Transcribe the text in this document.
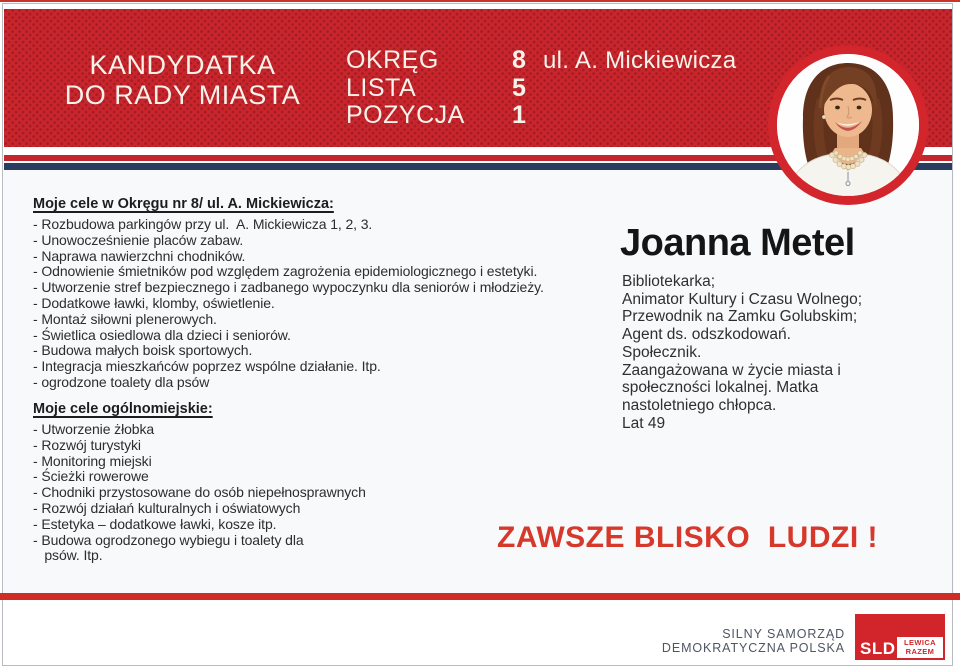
KANDYDATKA
DO RADY MIASTA
OKRĘG	8
LISTA	5
POZYCJA	1
ul. A. Mickiewicza
Moje cele w Okręgu nr 8/ ul. A. Mickiewicza:
- Rozbudowa parkingów przy ul.  A. Mickiewicza 1, 2, 3.
- Unowocześnienie placów zabaw.
- Naprawa nawierzchni chodników.
- Odnowienie śmietników pod względem zagrożenia epidemiologicznego i estetyki.
- Utworzenie stref bezpiecznego i zadbanego wypoczynku dla seniorów i młodzieży.
- Dodatkowe ławki, klomby, oświetlenie.
- Montaż siłowni plenerowych.
- Świetlica osiedlowa dla dzieci i seniorów.
- Budowa małych boisk sportowych.
- Integracja mieszkańców poprzez wspólne działanie. Itp.
- ogrodzone toalety dla psów
Moje cele ogólnomiejskie:
- Utworzenie żłobka
- Rozwój turystyki
- Monitoring miejski
- Ścieżki rowerowe
- Chodniki przystosowane do osób niepełnosprawnych
- Rozwój działań kulturalnych i oświatowych
- Estetyka – dodatkowe ławki, kosze itp.
- Budowa ogrodzonego wybiegu i toalety dla
psów. Itp.
Joanna Metel
Bibliotekarka;
Animator Kultury i Czasu Wolnego;
Przewodnik na Zamku Golubskim;
Agent ds. odszkodowań.
Społecznik.
Zaangażowana w życie miasta i
społeczności lokalnej. Matka
nastoletniego chłopca.
Lat 49
ZAWSZE BLISKO  LUDZI !
SILNY SAMORZĄD
DEMOKRATYCZNA POLSKA SLD LEWICA
RAZEM
